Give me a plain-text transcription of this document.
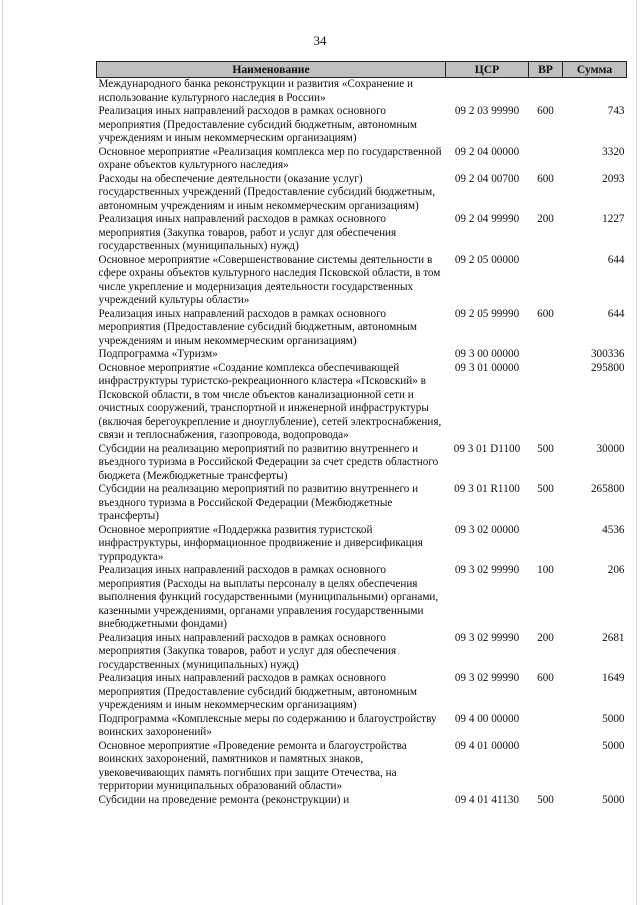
34
Наименование	ЦСР	ВР	Сумма
Международного банка реконструкции и развития «Сохранение и использование культурного наследия в России»			
Реализация иных направлений расходов в рамках основного мероприятия (Предоставление субсидий бюджетным, автономным учреждениям и иным некоммерческим организациям)	09 2 03 99990	600	743
Основное мероприятие «Реализация комплекса мер по государственной охране объектов культурного наследия»	09 2 04 00000		3320
Расходы на обеспечение деятельности (оказание услуг) государственных учреждений (Предоставление субсидий бюджетным, автономным учреждениям и иным некоммерческим организациям)	09 2 04 00700	600	2093
Реализация иных направлений расходов в рамках основного мероприятия (Закупка товаров, работ и услуг для обеспечения государственных (муниципальных) нужд)	09 2 04 99990	200	1227
Основное мероприятие «Совершенствование системы деятельности в сфере охраны объектов культурного наследия Псковской области, в том числе укрепление и модернизация деятельности государственных учреждений культуры области»	09 2 05 00000		644
Реализация иных направлений расходов в рамках основного мероприятия (Предоставление субсидий бюджетным, автономным учреждениям и иным некоммерческим организациям)	09 2 05 99990	600	644
Подпрограмма «Туризм»	09 3 00 00000		300336
Основное мероприятие «Создание комплекса обеспечивающей инфраструктуры туристско-рекреационного кластера «Псковский» в Псковской области, в том числе объектов канализационной сети и очистных сооружений, транспортной и инженерной инфраструктуры (включая берегоукрепление и дноуглубление), сетей электроснабжения, связи и теплоснабжения, газопровода, водопровода»	09 3 01 00000		295800
Субсидии на реализацию мероприятий по развитию внутреннего и въездного туризма в Российской Федерации за счет средств областного бюджета (Межбюджетные трансферты)	09 3 01 D1100	500	30000
Субсидии на реализацию мероприятий по развитию внутреннего и въездного туризма в Российской Федерации (Межбюджетные трансферты)	09 3 01 R1100	500	265800
Основное мероприятие «Поддержка развития туристской инфраструктуры, информационное продвижение и диверсификация турпродукта»	09 3 02 00000		4536
Реализация иных направлений расходов в рамках основного мероприятия (Расходы на выплаты персоналу в целях обеспечения выполнения функций государственными (муниципальными) органами, казенными учреждениями, органами управления государственными внебюджетными фондами)	09 3 02 99990	100	206
Реализация иных направлений расходов в рамках основного мероприятия (Закупка товаров, работ и услуг для обеспечения государственных (муниципальных) нужд)	09 3 02 99990	200	2681
Реализация иных направлений расходов в рамках основного мероприятия (Предоставление субсидий бюджетным, автономным учреждениям и иным некоммерческим организациям)	09 3 02 99990	600	1649
Подпрограмма «Комплексные меры по содержанию и благоустройству воинских захоронений»	09 4 00 00000		5000
Основное мероприятие «Проведение ремонта и благоустройства воинских захоронений, памятников и памятных знаков, увековечивающих память погибших при защите Отечества, на территории муниципальных образований области»	09 4 01 00000		5000
Субсидии на проведение ремонта (реконструкции) и	09 4 01 41130	500	5000
